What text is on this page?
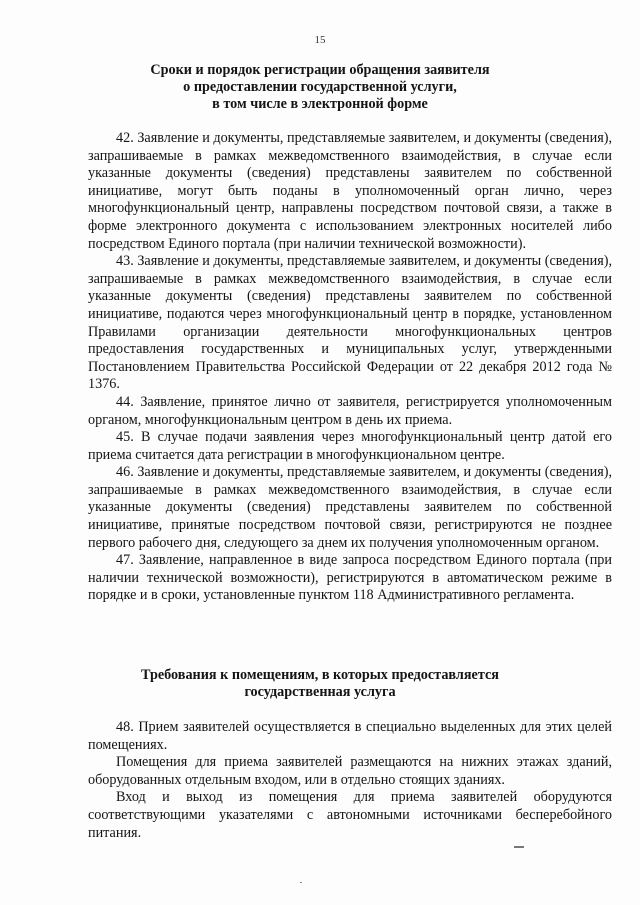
15
Сроки и порядок регистрации обращения заявителя
о предоставлении государственной услуги,
в том числе в электронной форме

42. Заявление и документы, представляемые заявителем, и документы (сведения), запрашиваемые в рамках межведомственного взаимодействия, в случае если указанные документы (сведения) представлены заявителем по собственной инициативе, могут быть поданы в уполномоченный орган лично, через многофункциональный центр, направлены посредством почтовой связи, а также в форме электронного документа с использованием электронных носителей либо посредством Единого портала (при наличии технической возможности).

43. Заявление и документы, представляемые заявителем, и документы (сведения), запрашиваемые в рамках межведомственного взаимодействия, в случае если указанные документы (сведения) представлены заявителем по собственной инициативе, подаются через многофункциональный центр в порядке, установленном Правилами организации деятельности многофункциональных центров предоставления государственных и муниципальных услуг, утвержденными Постановлением Правительства Российской Федерации от 22 декабря 2012 года № 1376.

44. Заявление, принятое лично от заявителя, регистрируется уполномоченным органом, многофункциональным центром в день их приема.

45. В случае подачи заявления через многофункциональный центр датой его приема считается дата регистрации в многофункциональном центре.

46. Заявление и документы, представляемые заявителем, и документы (сведения), запрашиваемые в рамках межведомственного взаимодействия, в случае если указанные документы (сведения) представлены заявителем по собственной инициативе, принятые посредством почтовой связи, регистрируются не позднее первого рабочего дня, следующего за днем их получения уполномоченным органом.

47. Заявление, направленное в виде запроса посредством Единого портала (при наличии технической возможности), регистрируются в автоматическом режиме в порядке и в сроки, установленные пунктом 118 Административного регламента.

Требования к помещениям, в которых предоставляется
государственная услуга

48. Прием заявителей осуществляется в специально выделенных для этих целей помещениях.

Помещения для приема заявителей размещаются на нижних этажах зданий, оборудованных отдельным входом, или в отдельно стоящих зданиях.

Вход и выход из помещения для приема заявителей оборудуются соответствующими указателями с автономными источниками бесперебойного питания.
